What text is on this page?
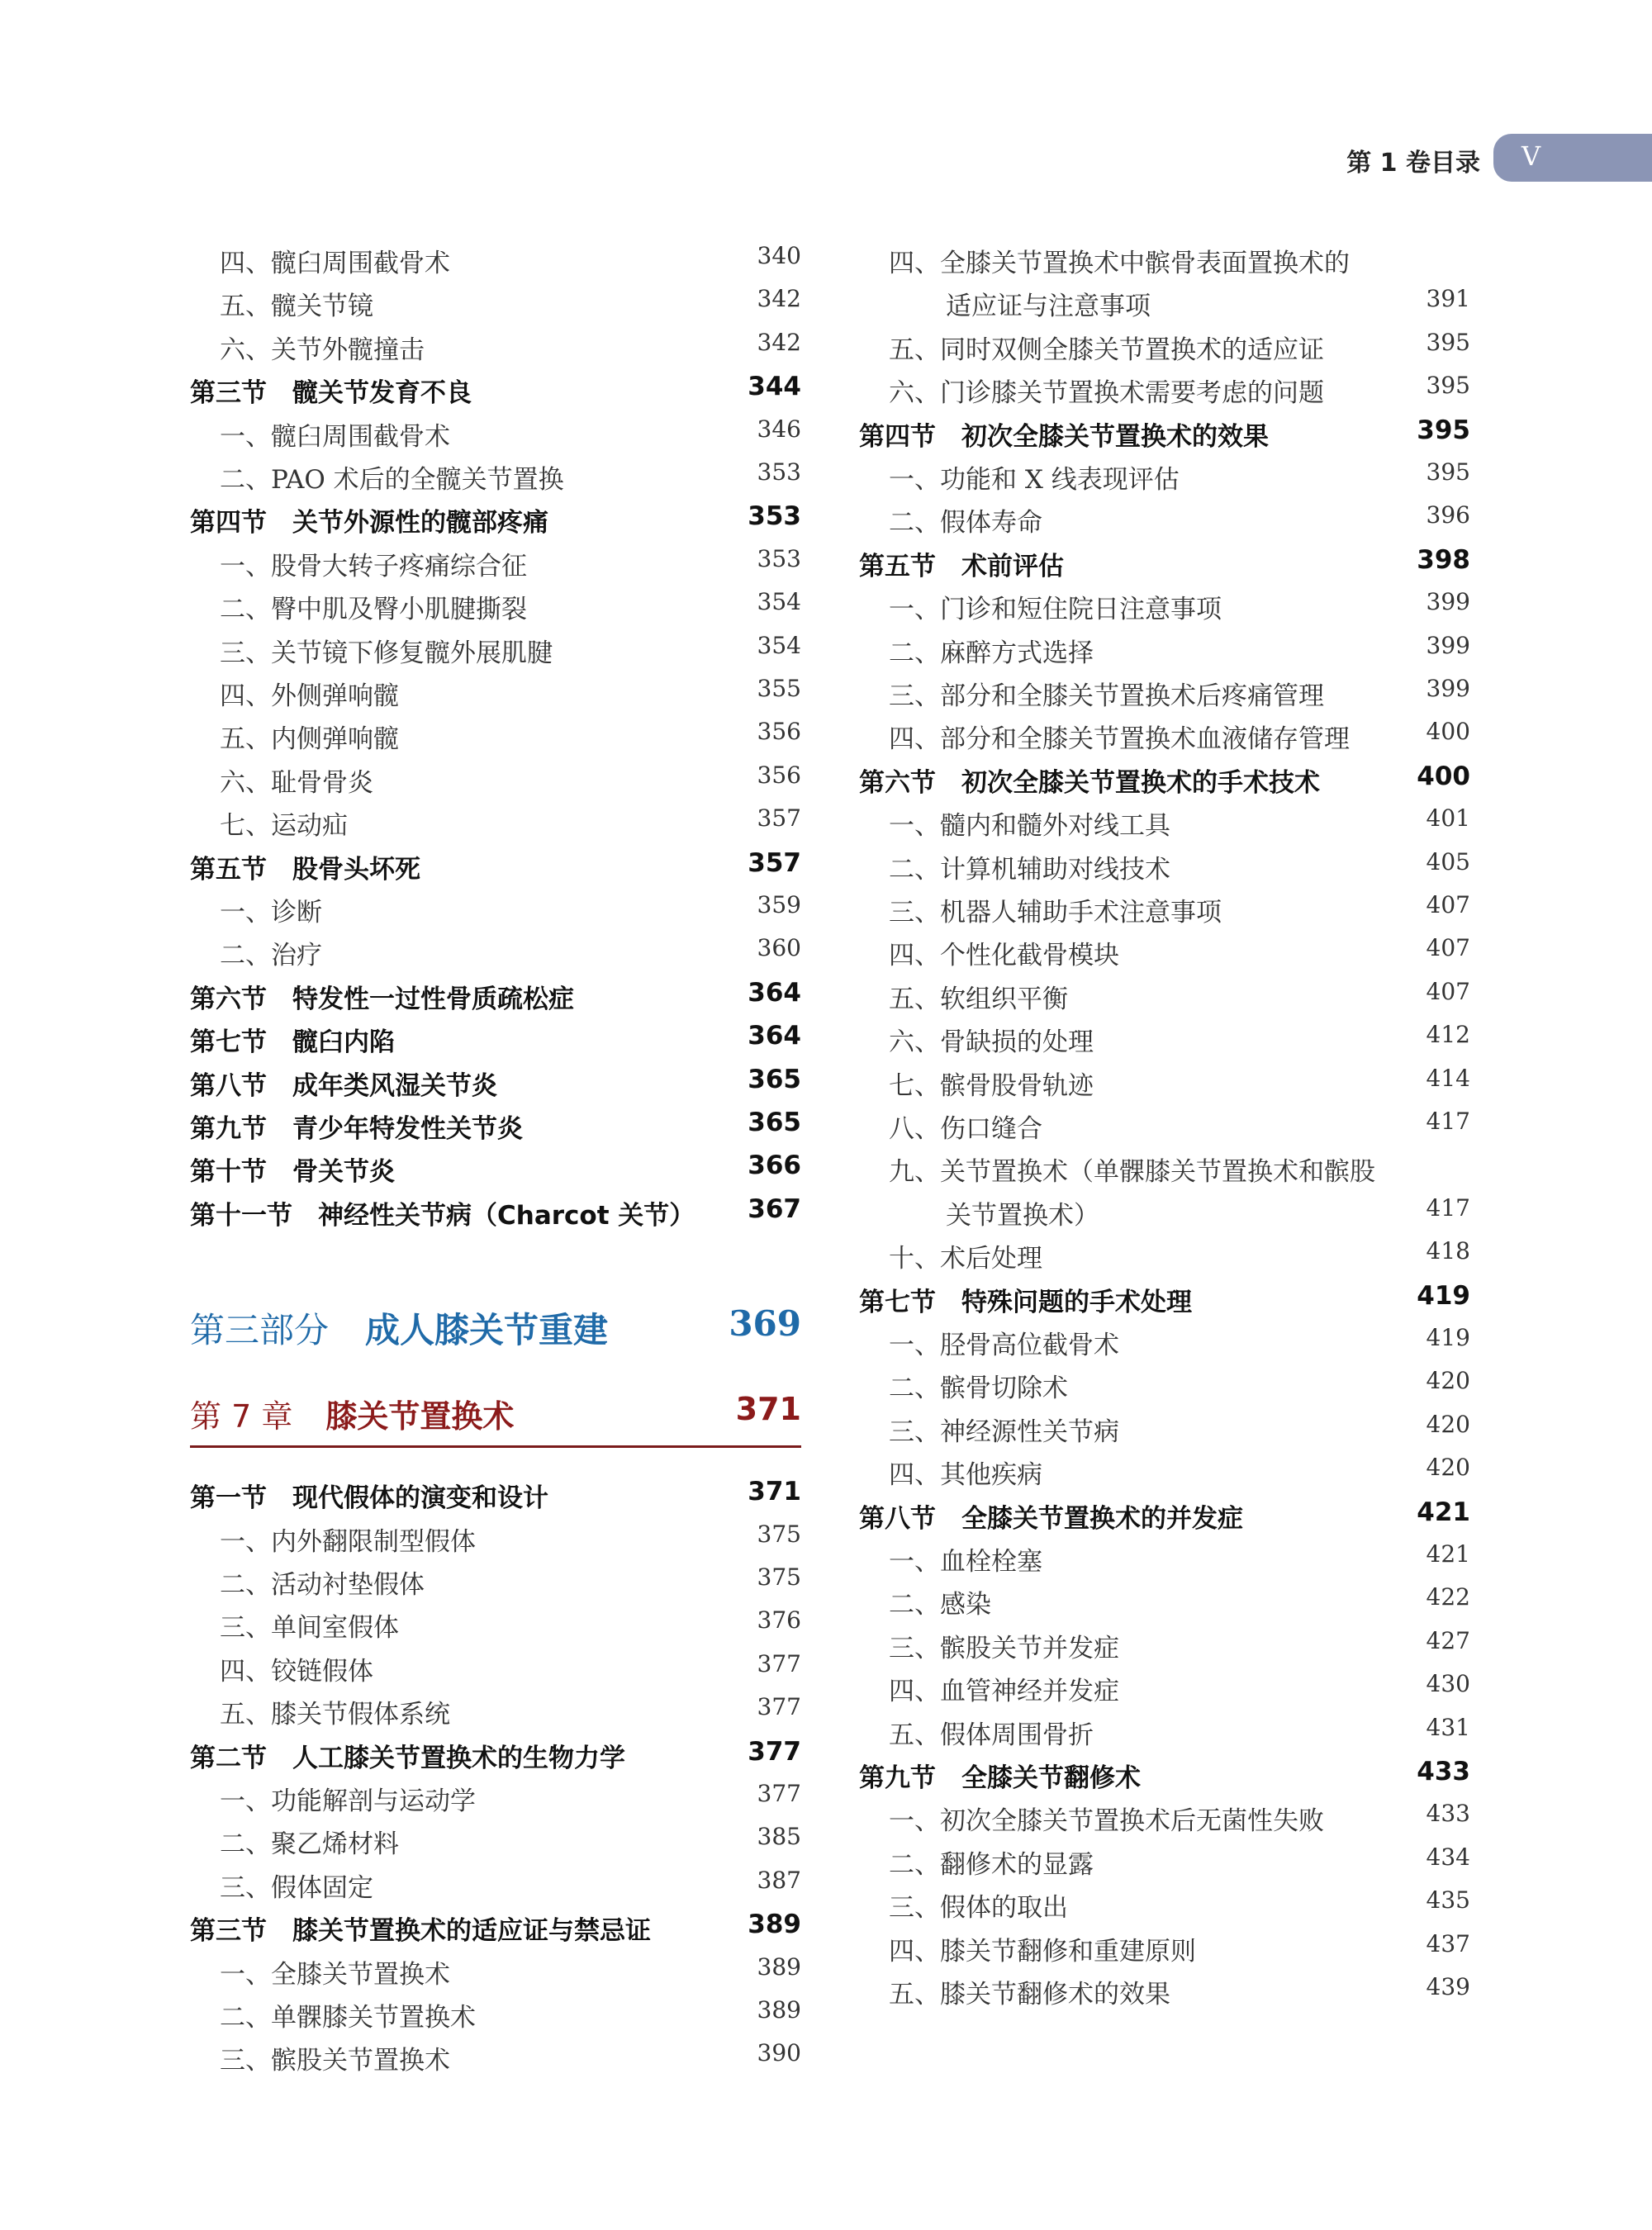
第 1 卷目录 V
四、髋臼周围截骨术	340
五、髋关节镜	342
六、关节外髋撞击	342
第三节　髋关节发育不良	344
一、髋臼周围截骨术	346
二、PAO 术后的全髋关节置换	353
第四节　关节外源性的髋部疼痛	353
一、股骨大转子疼痛综合征	353
二、臀中肌及臀小肌腱撕裂	354
三、关节镜下修复髋外展肌腱	354
四、外侧弹响髋	355
五、内侧弹响髋	356
六、耻骨骨炎	356
七、运动疝	357
第五节　股骨头坏死	357
一、诊断	359
二、治疗	360
第六节　特发性一过性骨质疏松症	364
第七节　髋臼内陷	364
第八节　成年类风湿关节炎	365
第九节　青少年特发性关节炎	365
第十节　骨关节炎	366
第十一节　神经性关节病（Charcot 关节） 367
第三部分 成人膝关节重建	369
第 7 章 膝关节置换术	371
第一节　现代假体的演变和设计	371
一、内外翻限制型假体	375
二、活动衬垫假体	375
三、单间室假体	376
四、铰链假体	377
五、膝关节假体系统	377
第二节　人工膝关节置换术的生物力学	377
一、功能解剖与运动学	377
二、聚乙烯材料	385
三、假体固定	387
第三节　膝关节置换术的适应证与禁忌证	389
一、全膝关节置换术	389
二、单髁膝关节置换术	389
三、髌股关节置换术	390
四、全膝关节置换术中髌骨表面置换术的
适应证与注意事项	391
五、同时双侧全膝关节置换术的适应证	395
六、门诊膝关节置换术需要考虑的问题	395
第四节　初次全膝关节置换术的效果	395
一、功能和 X 线表现评估	395
二、假体寿命	396
第五节　术前评估	398
一、门诊和短住院日注意事项	399
二、麻醉方式选择	399
三、部分和全膝关节置换术后疼痛管理	399
四、部分和全膝关节置换术血液储存管理	400
第六节　初次全膝关节置换术的手术技术	400
一、髓内和髓外对线工具	401
二、计算机辅助对线技术	405
三、机器人辅助手术注意事项	407
四、个性化截骨模块	407
五、软组织平衡	407
六、骨缺损的处理	412
七、髌骨股骨轨迹	414
八、伤口缝合	417
九、关节置换术（单髁膝关节置换术和髌股
关节置换术）	417
十、术后处理	418
第七节　特殊问题的手术处理	419
一、胫骨高位截骨术	419
二、髌骨切除术	420
三、神经源性关节病	420
四、其他疾病	420
第八节　全膝关节置换术的并发症	421
一、血栓栓塞	421
二、感染	422
三、髌股关节并发症	427
四、血管神经并发症	430
五、假体周围骨折	431
第九节　全膝关节翻修术	433
一、初次全膝关节置换术后无菌性失败	433
二、翻修术的显露	434
三、假体的取出	435
四、膝关节翻修和重建原则	437
五、膝关节翻修术的效果	439
